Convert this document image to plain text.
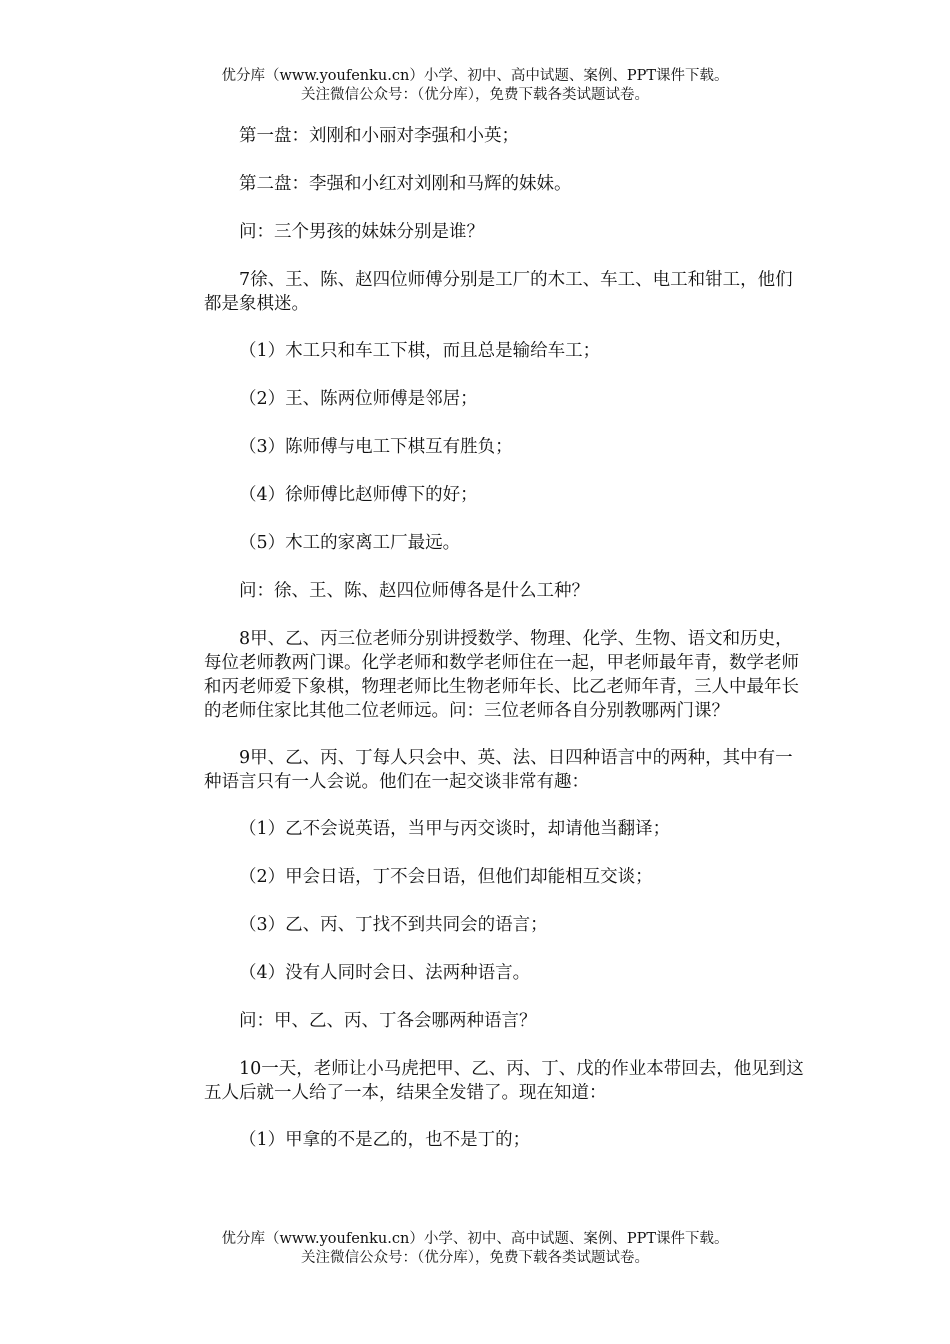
优分库（www.youfenku.cn）小学、初中、高中试题、案例、PPT课件下载。
关注微信公众号：（优分库），免费下载各类试题试卷。

第一盘：刘刚和小丽对李强和小英；

第二盘：李强和小红对刘刚和马辉的妹妹。

问：三个男孩的妹妹分别是谁？

7徐、王、陈、赵四位师傅分别是工厂的木工、车工、电工和钳工，他们都是象棋迷。

（1）木工只和车工下棋，而且总是输给车工；

（2）王、陈两位师傅是邻居；

（3）陈师傅与电工下棋互有胜负；

（4）徐师傅比赵师傅下的好；

（5）木工的家离工厂最远。

问：徐、王、陈、赵四位师傅各是什么工种？

8甲、乙、丙三位老师分别讲授数学、物理、化学、生物、语文和历史，每位老师教两门课。化学老师和数学老师住在一起，甲老师最年青，数学老师和丙老师爱下象棋，物理老师比生物老师年长、比乙老师年青，三人中最年长的老师住家比其他二位老师远。问：三位老师各自分别教哪两门课？

9甲、乙、丙、丁每人只会中、英、法、日四种语言中的两种，其中有一种语言只有一人会说。他们在一起交谈非常有趣：

（1）乙不会说英语，当甲与丙交谈时，却请他当翻译；

（2）甲会日语，丁不会日语，但他们却能相互交谈；

（3）乙、丙、丁找不到共同会的语言；

（4）没有人同时会日、法两种语言。

问：甲、乙、丙、丁各会哪两种语言？

10一天，老师让小马虎把甲、乙、丙、丁、戊的作业本带回去，他见到这五人后就一人给了一本，结果全发错了。现在知道：

（1）甲拿的不是乙的，也不是丁的；

优分库（www.youfenku.cn）小学、初中、高中试题、案例、PPT课件下载。
关注微信公众号：（优分库），免费下载各类试题试卷。
